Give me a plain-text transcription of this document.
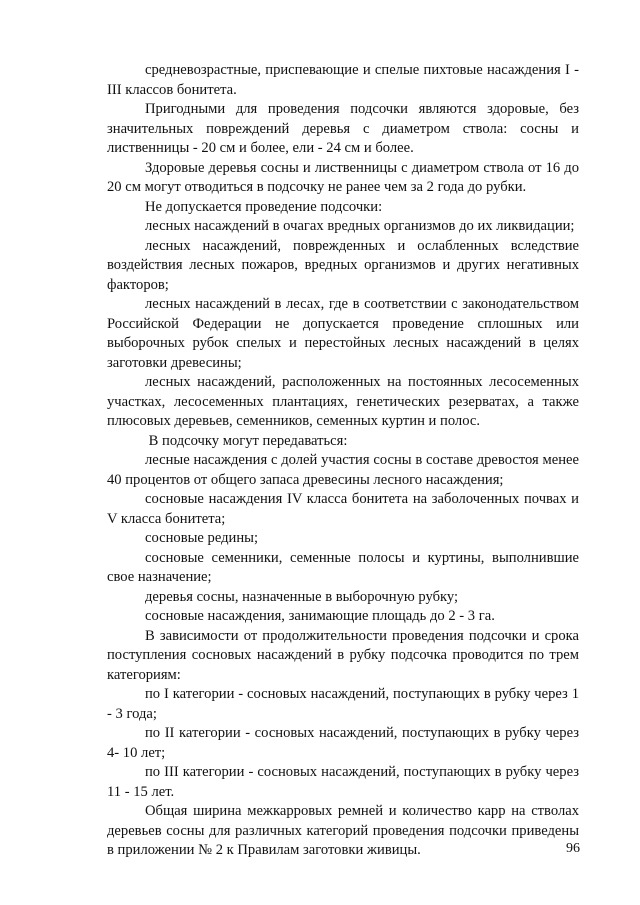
средневозрастные, приспевающие и спелые пихтовые насаждения I - III классов бонитета.

Пригодными для проведения подсочки являются здоровые, без значительных повреждений деревья с диаметром ствола: сосны и лиственницы - 20 см и более, ели - 24 см и более.

Здоровые деревья сосны и лиственницы с диаметром ствола от 16 до 20 см могут отводиться в подсочку не ранее чем за 2 года до рубки.

Не допускается проведение подсочки:

лесных насаждений в очагах вредных организмов до их ликвидации;

лесных насаждений, поврежденных и ослабленных вследствие воздействия лесных пожаров, вредных организмов и других негативных факторов;

лесных насаждений в лесах, где в соответствии с законодательством Российской Федерации не допускается проведение сплошных или выборочных рубок спелых и перестойных лесных насаждений в целях заготовки древесины;

лесных насаждений, расположенных на постоянных лесосеменных участках, лесосеменных плантациях, генетических резерватах, а также плюсовых деревьев, семенников, семенных куртин и полос.

В подсочку могут передаваться:

лесные насаждения с долей участия сосны в составе древостоя менее 40 процентов от общего запаса древесины лесного насаждения;

сосновые насаждения IV класса бонитета на заболоченных почвах и V класса бонитета;

сосновые редины;

сосновые семенники, семенные полосы и куртины, выполнившие свое назначение;

деревья сосны, назначенные в выборочную рубку;

сосновые насаждения, занимающие площадь до 2 - 3 га.

В зависимости от продолжительности проведения подсочки и срока поступления сосновых насаждений в рубку подсочка проводится по трем категориям:

по I категории - сосновых насаждений, поступающих в рубку через 1 - 3 года;

по II категории - сосновых насаждений, поступающих в рубку через 4- 10 лет;

по III категории - сосновых насаждений, поступающих в рубку через 11 - 15 лет.

Общая ширина межкарровых ремней и количество карр на стволах деревьев сосны для различных категорий проведения подсочки приведены в приложении № 2 к Правилам заготовки живицы.	96
